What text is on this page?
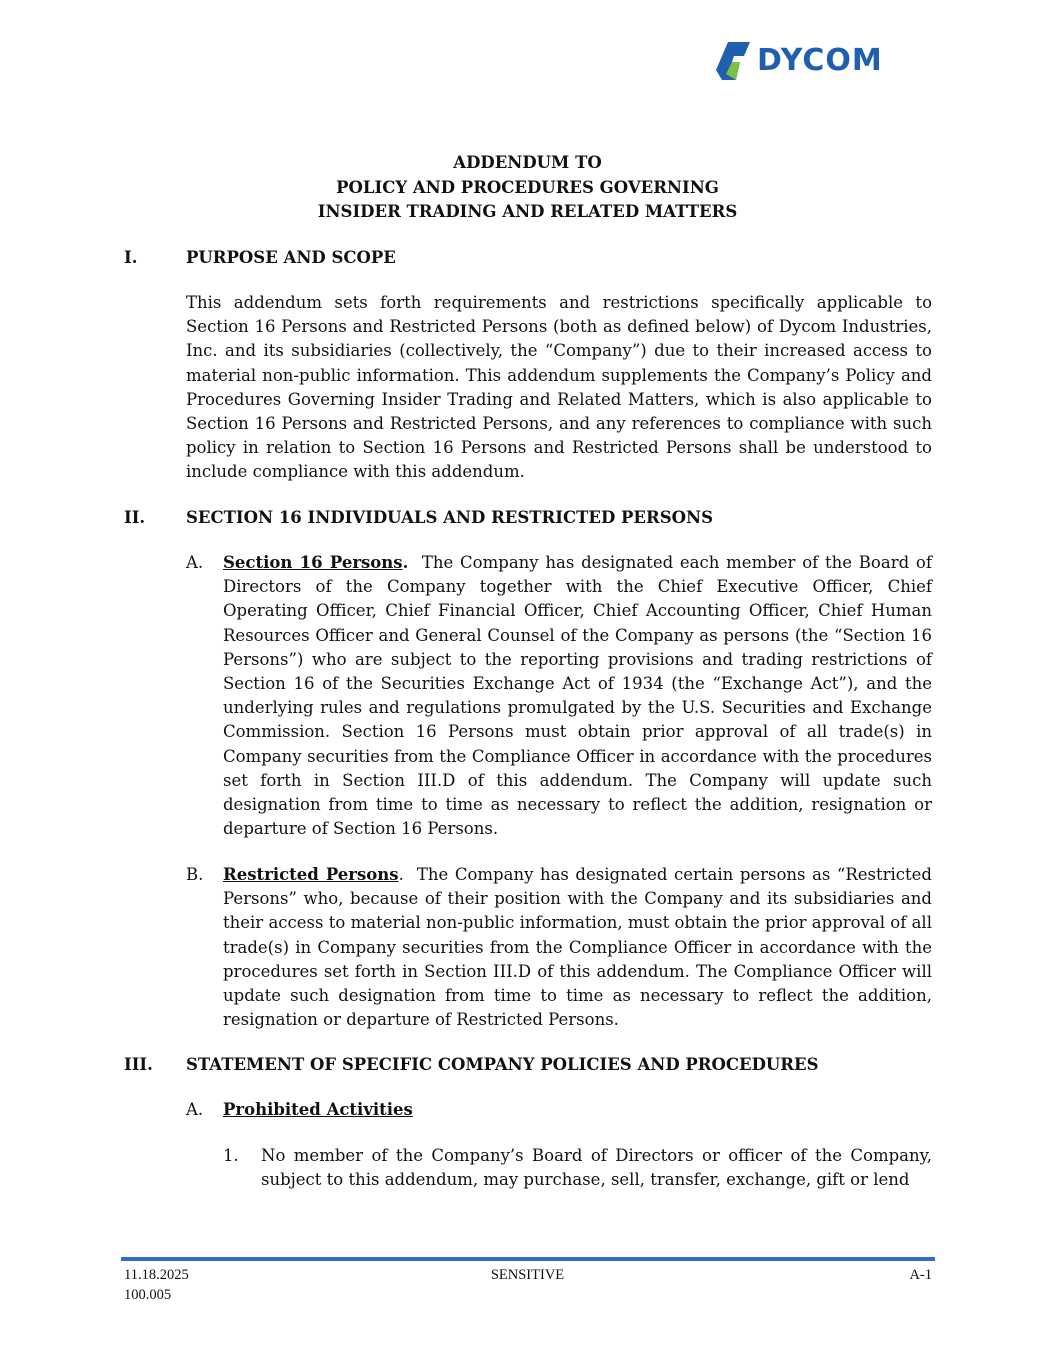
DYCOM
ADDENDUM TO
POLICY AND PROCEDURES GOVERNING
INSIDER TRADING AND RELATED MATTERS
I.	PURPOSE AND SCOPE
This addendum sets forth requirements and restrictions specifically applicable to Section 16 Persons and Restricted Persons (both as defined below) of Dycom Industries, Inc. and its subsidiaries (collectively, the “Company”) due to their increased access to material non-public information. This addendum supplements the Company’s Policy and Procedures Governing Insider Trading and Related Matters, which is also applicable to Section 16 Persons and Restricted Persons, and any references to compliance with such policy in relation to Section 16 Persons and Restricted Persons shall be understood to include compliance with this addendum.
II. SECTION 16 INDIVIDUALS AND RESTRICTED PERSONS
A. Section 16 Persons. The Company has designated each member of the Board of Directors of the Company together with the Chief Executive Officer, Chief Operating Officer, Chief Financial Officer, Chief Accounting Officer, Chief Human Resources Officer and General Counsel of the Company as persons (the “Section 16 Persons”) who are subject to the reporting provisions and trading restrictions of Section 16 of the Securities Exchange Act of 1934 (the “Exchange Act”), and the underlying rules and regulations promulgated by the U.S. Securities and Exchange Commission. Section 16 Persons must obtain prior approval of all trade(s) in Company securities from the Compliance Officer in accordance with the procedures set forth in Section III.D of this addendum. The Company will update such designation from time to time as necessary to reflect the addition, resignation or departure of Section 16 Persons.
B. Restricted Persons. The Company has designated certain persons as “Restricted Persons” who, because of their position with the Company and its subsidiaries and their access to material non-public information, must obtain the prior approval of all trade(s) in Company securities from the Compliance Officer in accordance with the procedures set forth in Section III.D of this addendum. The Compliance Officer will update such designation from time to time as necessary to reflect the addition, resignation or departure of Restricted Persons.
III. STATEMENT OF SPECIFIC COMPANY POLICIES AND PROCEDURES
A. Prohibited Activities
1. No member of the Company’s Board of Directors or officer of the Company, subject to this addendum, may purchase, sell, transfer, exchange, gift or lend
11.18.2025
100.005
SENSITIVE	A-1
